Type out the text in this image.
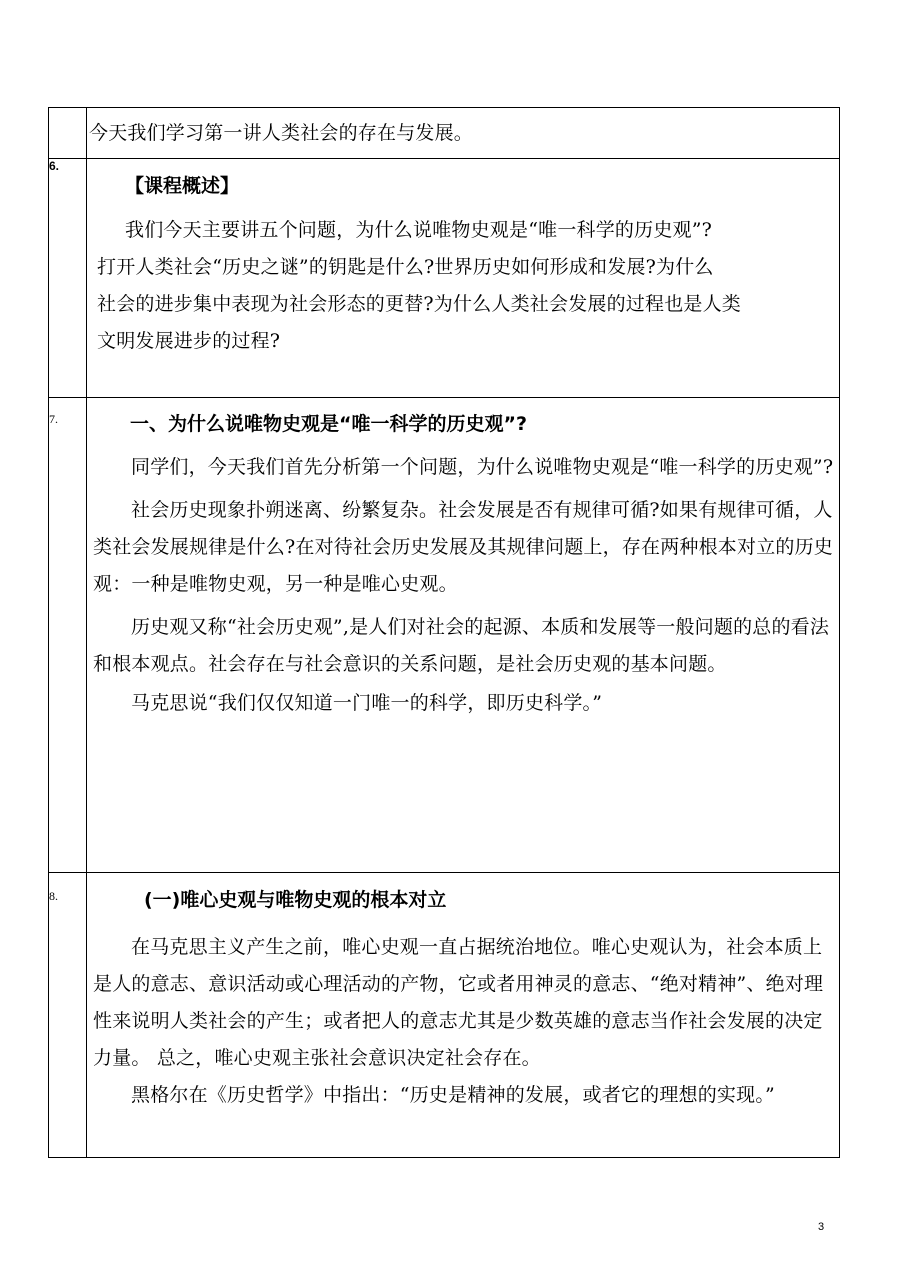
	今天我们学习第一讲人类社会的存在与发展。

6.	【课程概述】

我们今天主要讲五个问题，为什么说唯物史观是“唯一科学的历史观”?

打开人类社会“历史之谜”的钥匙是什么?世界历史如何形成和发展?为什么

社会的进步集中表现为社会形态的更替?为什么人类社会发展的过程也是人类

文明发展进步的过程?

7.	一、为什么说唯物史观是“唯一科学的历史观”?

同学们，今天我们首先分析第一个问题，为什么说唯物史观是“唯一科学的历史观”?

社会历史现象扑朔迷离、纷繁复杂。社会发展是否有规律可循?如果有规律可循，人类社会发展规律是什么?在对待社会历史发展及其规律问题上，存在两种根本对立的历史观：一种是唯物史观，另一种是唯心史观。

历史观又称“社会历史观”,是人们对社会的起源、本质和发展等一般问题的总的看法和根本观点。社会存在与社会意识的关系问题，是社会历史观的基本问题。

马克思说“我们仅仅知道一门唯一的科学，即历史科学。”

8.	(一)唯心史观与唯物史观的根本对立

在马克思主义产生之前，唯心史观一直占据统治地位。唯心史观认为，社会本质上是人的意志、意识活动或心理活动的产物，它或者用神灵的意志、“绝对精神”、绝对理性来说明人类社会的产生；或者把人的意志尤其是少数英雄的意志当作社会发展的决定力量。 总之，唯心史观主张社会意识决定社会存在。

黑格尔在《历史哲学》中指出：“历史是精神的发展，或者它的理想的实现。”

3
